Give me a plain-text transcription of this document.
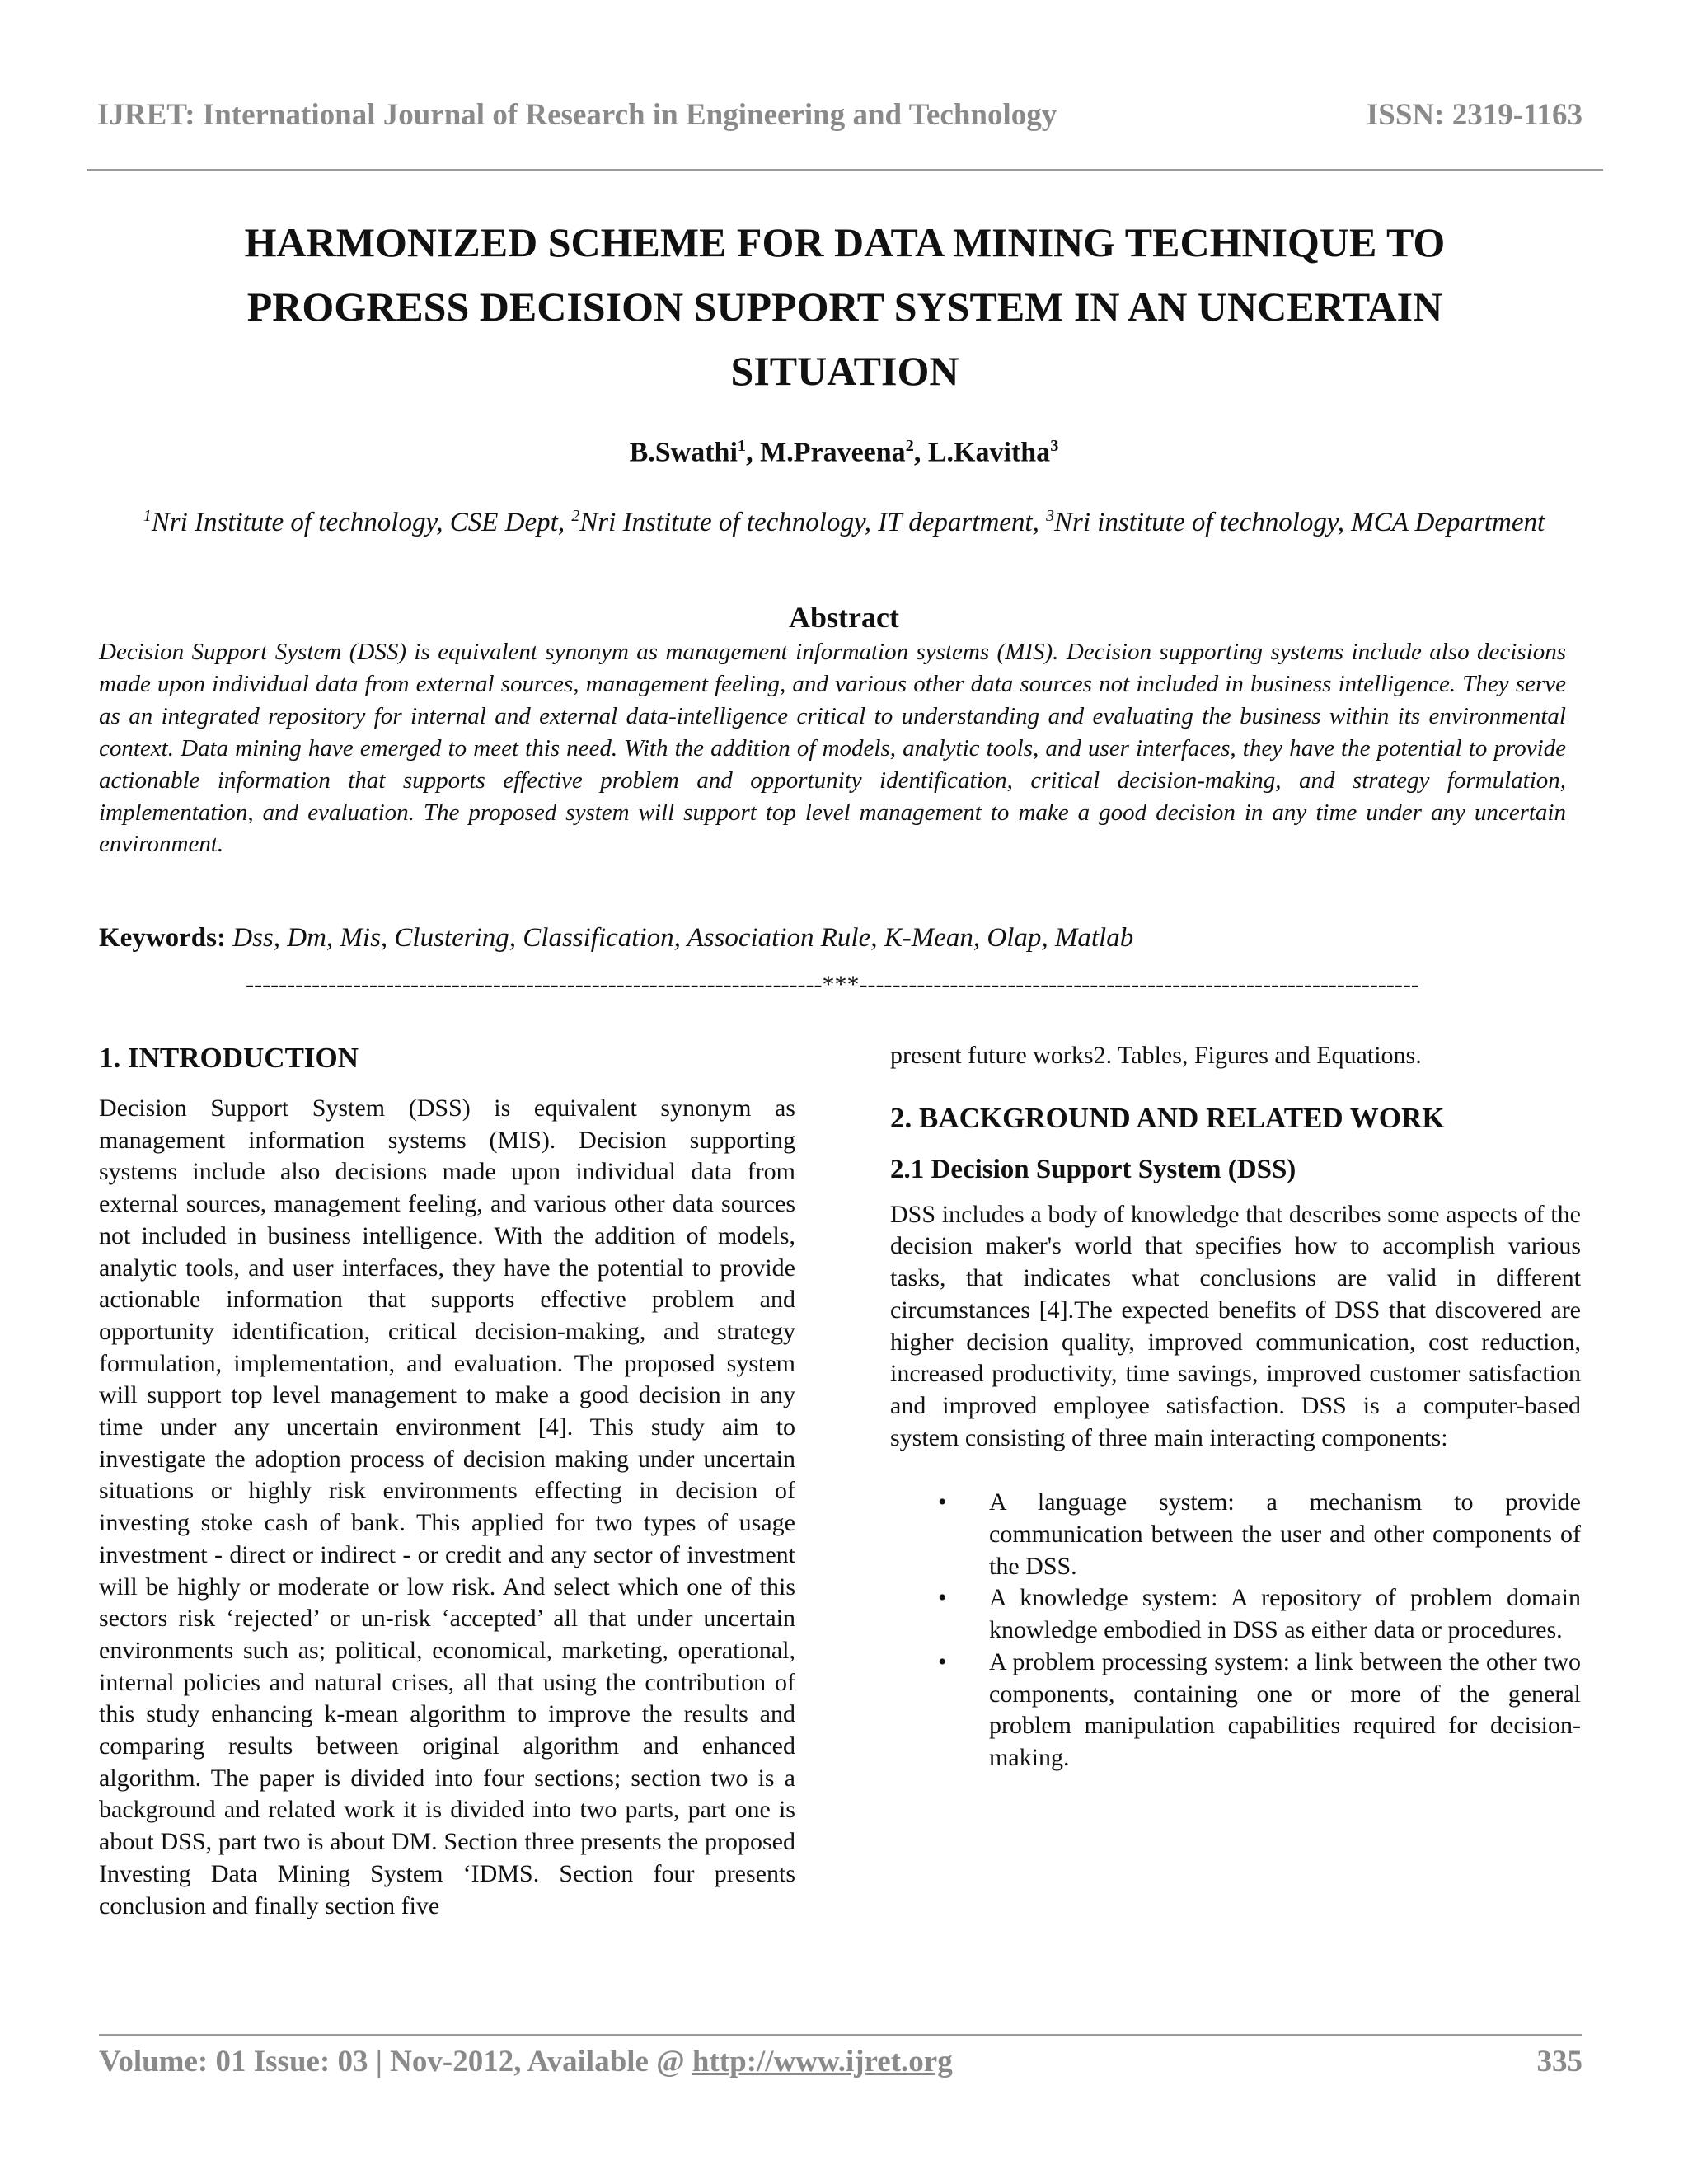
IJRET: International Journal of Research in Engineering and Technology	ISSN: 2319-1163
HARMONIZED SCHEME FOR DATA MINING TECHNIQUE TO
PROGRESS DECISION SUPPORT SYSTEM IN AN UNCERTAIN
SITUATION
B.Swathi$^1$, M.Praveena$^2$, L.Kavitha$^3$
$^1$Nri Institute of technology, CSE Dept, $^2$Nri Institute of technology, IT department, $^3$Nri institute of technology, MCA Department
Abstract
Decision Support System (DSS) is equivalent synonym as management information systems (MIS). Decision supporting systems include also decisions made upon individual data from external sources, management feeling, and various other data sources not included in business intelligence. They serve as an integrated repository for internal and external data-intelligence critical to understanding and evaluating the business within its environmental context. Data mining have emerged to meet this need. With the addition of models, analytic tools, and user interfaces, they have the potential to provide actionable information that supports effective problem and opportunity identification, critical decision-making, and strategy formulation, implementation, and evaluation. The proposed system will support top level management to make a good decision in any time under any uncertain environment.
Keywords: Dss, Dm, Mis, Clustering, Classification, Association Rule, K-Mean, Olap, Matlab
----------------------------------------------------------------------***--------------------------------------------------------------------
1. INTRODUCTION

Decision Support System (DSS) is equivalent synonym as management information systems (MIS). Decision supporting systems include also decisions made upon individual data from external sources, management feeling, and various other data sources not included in business intelligence. With the addition of models, analytic tools, and user interfaces, they have the potential to provide actionable information that supports effective problem and opportunity identification, critical decision-making, and strategy formulation, implementation, and evaluation. The proposed system will support top level management to make a good decision in any time under any uncertain environment [4]. This study aim to investigate the adoption process of decision making under uncertain situations or highly risk environments effecting in decision of investing stoke cash of bank. This applied for two types of usage investment - direct or indirect - or credit and any sector of investment will be highly or moderate or low risk. And select which one of this sectors risk ‘rejected’ or un-risk ‘accepted’ all that under uncertain environments such as; political, economical, marketing, operational, internal policies and natural crises, all that using the contribution of this study enhancing k-mean algorithm to improve the results and comparing results between original algorithm and enhanced algorithm. The paper is divided into four sections; section two is a background and related work it is divided into two parts, part one is about DSS, part two is about DM. Section three presents the proposed Investing Data Mining System ‘IDMS. Section four presents conclusion and finally section five

present future works2. Tables, Figures and Equations.

2. BACKGROUND AND RELATED WORK
2.1 Decision Support System (DSS)

DSS includes a body of knowledge that describes some aspects of the decision maker's world that specifies how to accomplish various tasks, that indicates what conclusions are valid in different circumstances [4].The expected benefits of DSS that discovered are higher decision quality, improved communication, cost reduction, increased productivity, time savings, improved customer satisfaction and improved employee satisfaction. DSS is a computer-based system consisting of three main interacting components:

• A language system: a mechanism to provide communication between the user and other components of the DSS.
• A knowledge system: A repository of problem domain knowledge embodied in DSS as either data or procedures.
• A problem processing system: a link between the other two components, containing one or more of the general problem manipulation capabilities required for decision-making.
Volume: 01 Issue: 03 | Nov-2012, Available @ http://www.ijret.org	335
